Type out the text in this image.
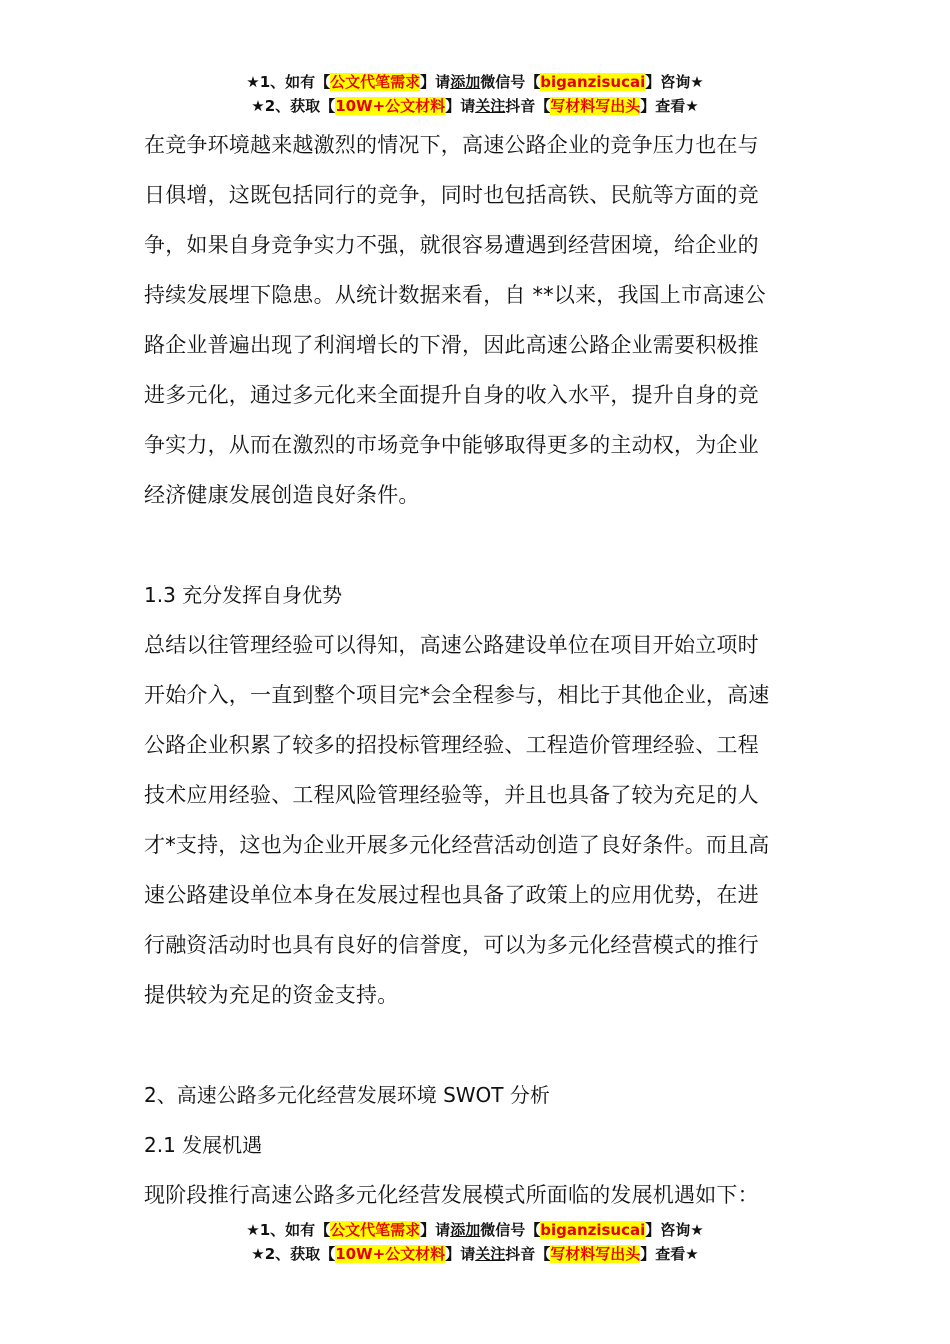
★1、如有【公文代笔需求】请添加微信号【biganzisucai】咨询★
★2、获取【10W+公文材料】请关注抖音【写材料写出头】查看★

在竞争环境越来越激烈的情况下，高速公路企业的竞争压力也在与
日俱增，这既包括同行的竞争，同时也包括高铁、民航等方面的竞
争，如果自身竞争实力不强，就很容易遭遇到经营困境，给企业的
持续发展埋下隐患。从统计数据来看，自 **以来，我国上市高速公
路企业普遍出现了利润增长的下滑，因此高速公路企业需要积极推
进多元化，通过多元化来全面提升自身的收入水平，提升自身的竞
争实力，从而在激烈的市场竞争中能够取得更多的主动权，为企业
经济健康发展创造良好条件。

1.3 充分发挥自身优势

总结以往管理经验可以得知，高速公路建设单位在项目开始立项时
开始介入，一直到整个项目完*会全程参与，相比于其他企业，高速
公路企业积累了较多的招投标管理经验、工程造价管理经验、工程
技术应用经验、工程风险管理经验等，并且也具备了较为充足的人
才*支持，这也为企业开展多元化经营活动创造了良好条件。而且高
速公路建设单位本身在发展过程也具备了政策上的应用优势，在进
行融资活动时也具有良好的信誉度，可以为多元化经营模式的推行
提供较为充足的资金支持。

2、高速公路多元化经营发展环境 SWOT 分析

2.1 发展机遇

现阶段推行高速公路多元化经营发展模式所面临的发展机遇如下：

★1、如有【公文代笔需求】请添加微信号【biganzisucai】咨询★
★2、获取【10W+公文材料】请关注抖音【写材料写出头】查看★
